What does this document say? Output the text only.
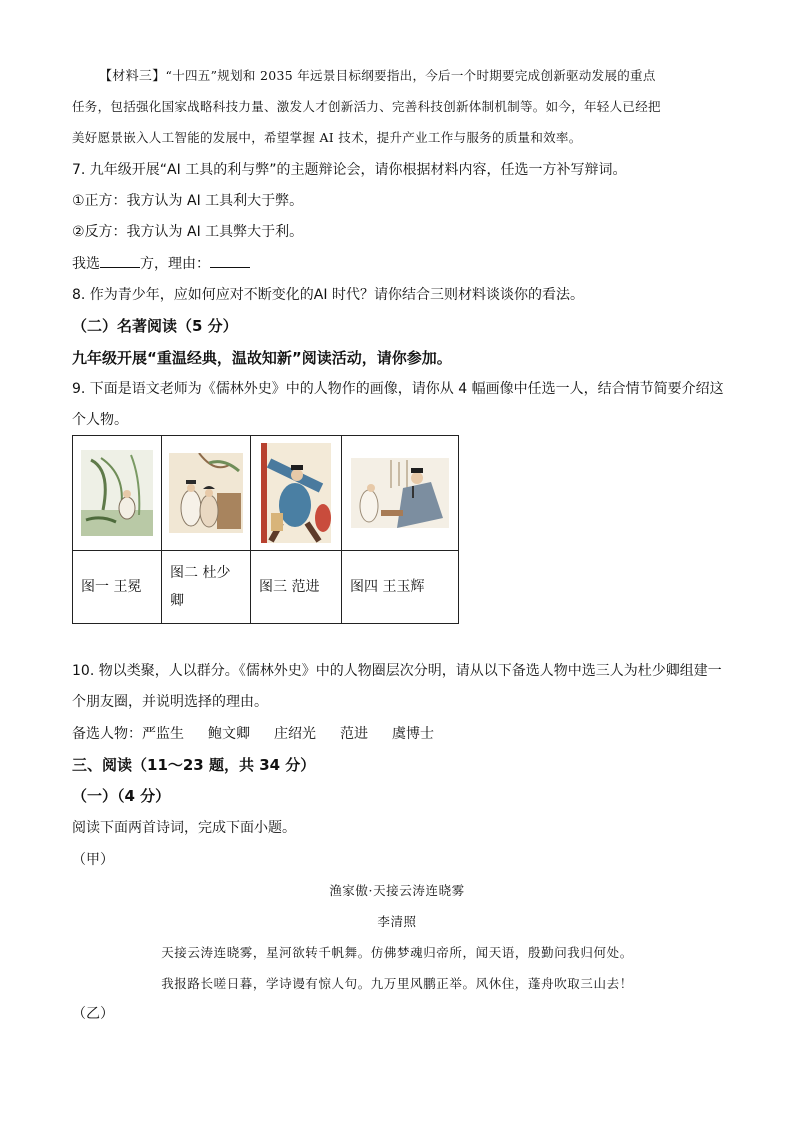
【材料三】“十四五”规划和 2035 年远景目标纲要指出，今后一个时期要完成创新驱动发展的重点
任务，包括强化国家战略科技力量、激发人才创新活力、完善科技创新体制机制等。如今，年轻人已经把
美好愿景嵌入人工智能的发展中，希望掌握 AI 技术，提升产业工作与服务的质量和效率。
7. 九年级开展“AI 工具的利与弊”的主题辩论会，请你根据材料内容，任选一方补写辩词。
①正方：我方认为 AI 工具利大于弊。
②反方：我方认为 AI 工具弊大于利。
我选	方，理由：
8. 作为青少年，应如何应对不断变化的AI 时代？请你结合三则材料谈谈你的看法。
（二）名著阅读（5 分）
九年级开展“重温经典，温故知新”阅读活动，请你参加。
9. 下面是语文老师为《儒林外史》中的人物作的画像，请你从 4 幅画像中任选一人，结合情节简要介绍这
个人物。

图一 王冕	图二 杜少
卿	图三 范进	图四 王玉辉

10. 物以类聚，人以群分。《儒林外史》中的人物圈层次分明，请从以下备选人物中选三人为杜少卿组建一
个朋友圈，并说明选择的理由。
备选人物：严监生 鲍文卿 庄绍光 范进 虞博士
三、阅读（11～23 题，共 34 分）
（一）（4 分）
阅读下面两首诗词，完成下面小题。
（甲）
渔家傲·天接云涛连晓雾
李清照
天接云涛连晓雾，星河欲转千帆舞。仿佛梦魂归帝所，闻天语，殷勤问我归何处。
我报路长嗟日暮，学诗谩有惊人句。九万里风鹏正举。风休住，蓬舟吹取三山去！
（乙）
